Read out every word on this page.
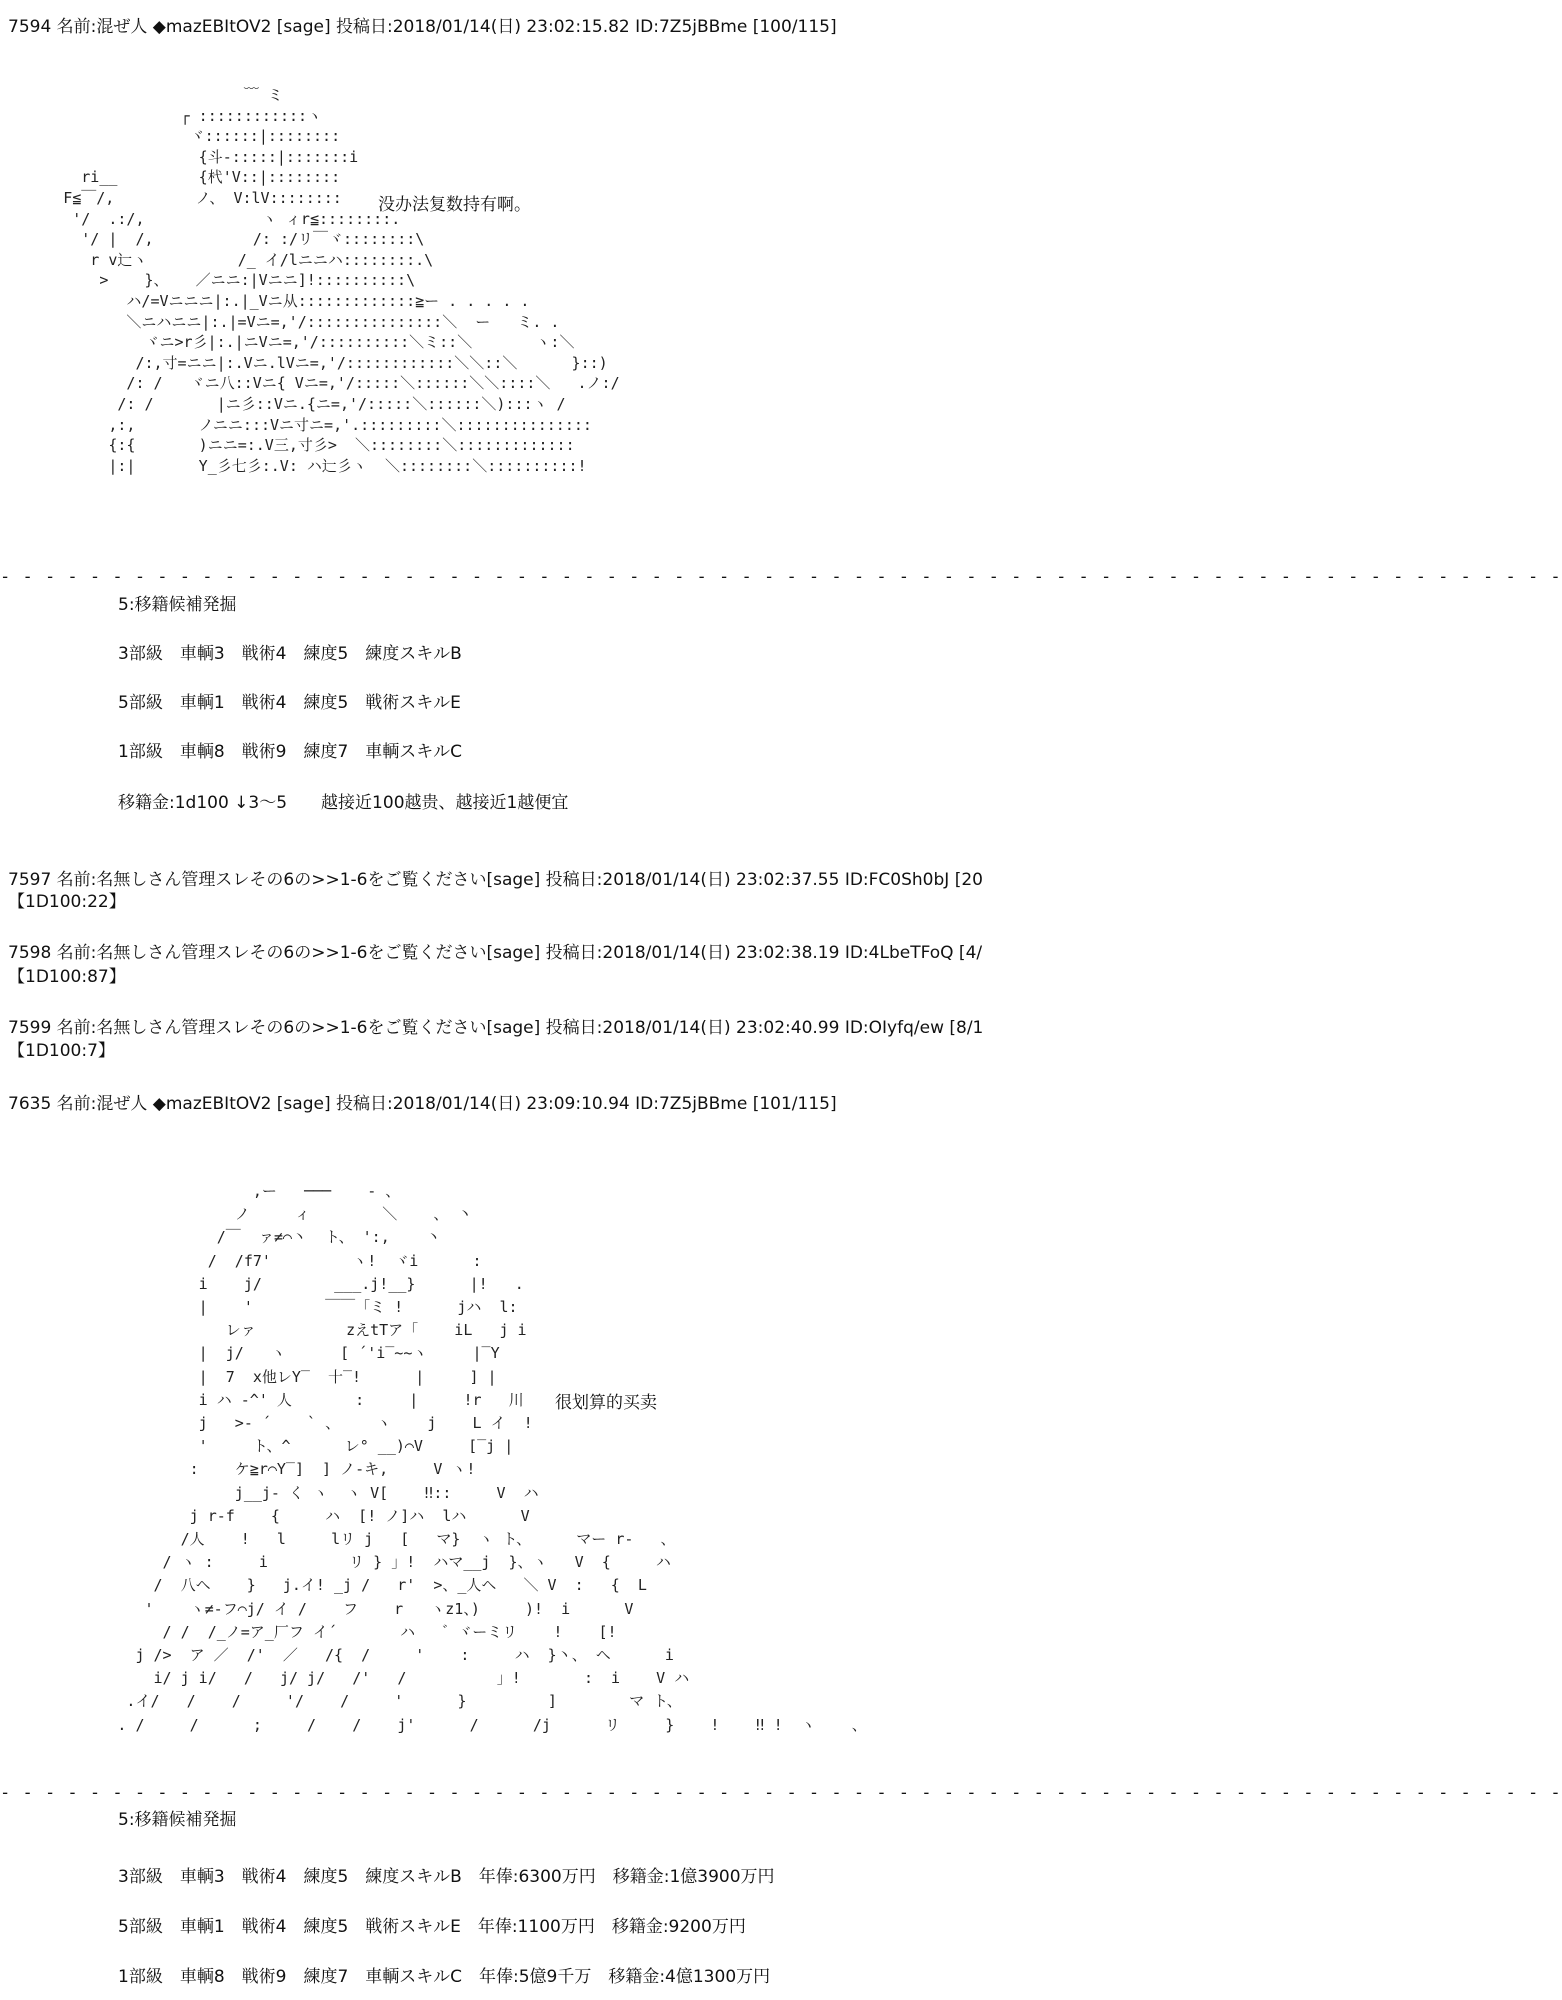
7594 名前:混ぜ人 ◆mazEBItOV2 [sage] 投稿日:2018/01/14(日) 23:02:15.82 ID:7Z5jBBme [100/115]
﹋ ミ
┌ ::::::::::::ヽ
ヾ::::::|::::::::
{斗-:::::|:::::::i
ri__         {杙'V::|::::::::
F≦￣/,         ノ、 V:lV::::::::
'/  .:/,             ヽ ィr≦::::::::.
'/ |  /,           /: :/リ￣ヾ::::::::\
r v辷ヽ          /_ イ/lニニハ::::::::.\
>    }、   ／ニニ:|Vニニ]!::::::::::\
ハ/=Vニニニ|:.|_Vニ从:::::::::::::≧ー . . . . .
＼ニハニニ|:.|=Vニ=,'/:::::::::::::::＼  ー   ミ. .
ヾニ>r彡|:.|ニVニ=,'/::::::::::＼ミ::＼       ヽ:＼
/:,寸=ニニ|:.Vニ.lVニ=,'/::::::::::::＼＼::＼      }::)
/: /   ヾニ八::Vニ{ Vニ=,'/:::::＼::::::＼＼::::＼   .ノ:/
/: /       |ニ彡::Vニ.{ニ=,'/:::::＼::::::＼):::ヽ /
,:,       ノニニ:::Vニ寸ニ=,'.:::::::::＼:::::::::::::::
{:{       )ニニ=:.V三,寸彡>  ＼::::::::＼:::::::::::::
|:|       Y_彡七彡:.V: ハ辷彡ヽ  ＼::::::::＼::::::::::!
没办法复数持有啊。
- - - - - - - - - - - - - - - - - - - - - - - - - - - - - - - - - - - - - - - - - - - - - - - - - - - - - - - - - - - - - - - - - - - - - -
5:移籍候補発掘
3部級　車輌3　戦術4　練度5　練度スキルB
5部級　車輌1　戦術4　練度5　戦術スキルE
1部級　車輌8　戦術9　練度7　車輌スキルC
移籍金:1d100 ↓3～5　　越接近100越贵、越接近1越便宜
7597 名前:名無しさん管理スレその6の>>1-6をご覧ください[sage] 投稿日:2018/01/14(日) 23:02:37.55 ID:FC0Sh0bJ [20
【1D100:22】
7598 名前:名無しさん管理スレその6の>>1-6をご覧ください[sage] 投稿日:2018/01/14(日) 23:02:38.19 ID:4LbeTFoQ [4/
【1D100:87】
7599 名前:名無しさん管理スレその6の>>1-6をご覧ください[sage] 投稿日:2018/01/14(日) 23:02:40.99 ID:OIyfq/ew [8/1
【1D100:7】
7635 名前:混ぜ人 ◆mazEBItOV2 [sage] 投稿日:2018/01/14(日) 23:09:10.94 ID:7Z5jBBme [101/115]
,ー   ───    ‐ 、
ノ     ィ        ＼    、 丶
/￣  ァ≠⌒丶  ト、 ':,    丶
/  /f7'         ヽ!  ヾi      :
i    j/        ___.j!__}      |!   .
|    '        ￣￣「ミ !      jハ  l:
レァ          zえtTア「    iL   j i
|  j/   ヽ      [ ´'i‾~~ヽ     |‾Y
|  7  x他レY‾  十‾!      |     ] |
i ハ ‐^' 人       :     |     !r   川
j   >‐ ´    ` 、    ヽ    j    L イ  !
'     ト、^      レ° __)⌒V     [‾j |
:    ケ≧r⌒Y‾]  ] ノ‐キ,     V ヽ!
j__j‐ く ヽ  ヽ V[    ‼::     V  ハ
j r‐f    {     ハ  [! ノ]ハ  lハ      V
/人    !   l     lリ j   [   マ}  ヽ ト、     マー r‐   、
/ ヽ :     i         リ } 」!  ハマ__j  }、ヽ   V  {     ハ
/  八ヘ    }   j.イ! _j /   r'  >、_人ヘ   ＼ V  :   {  L
'    ヽ≠-フ⌒j/ イ /    フ    r   ヽz1、)     )!  i      V
/ /  /_ノ=ア_厂フ イ´       ハ   ゛ヾーミリ    !    [!
j />  ア ／  /'  ／   /{  /     '    :     ハ  }丶、 ヘ      i
i/ j i/   /   j/ j/   /'   /          」!       :  i    V ハ
.イ/   /    /     '/    /     '      }         ]        マ ト、
. /     /      ;     /    /    j'      /      /j      リ     }    !    ‼ !  ヽ    、
很划算的买卖
- - - - - - - - - - - - - - - - - - - - - - - - - - - - - - - - - - - - - - - - - - - - - - - - - - - - - - - - - - - - - - - - - - - - - -
5:移籍候補発掘
3部級　車輌3　戦術4　練度5　練度スキルB　年俸:6300万円　移籍金:1億3900万円
5部級　車輌1　戦術4　練度5　戦術スキルE　年俸:1100万円　移籍金:9200万円
1部級　車輌8　戦術9　練度7　車輌スキルC　年俸:5億9千万　移籍金:4億1300万円
